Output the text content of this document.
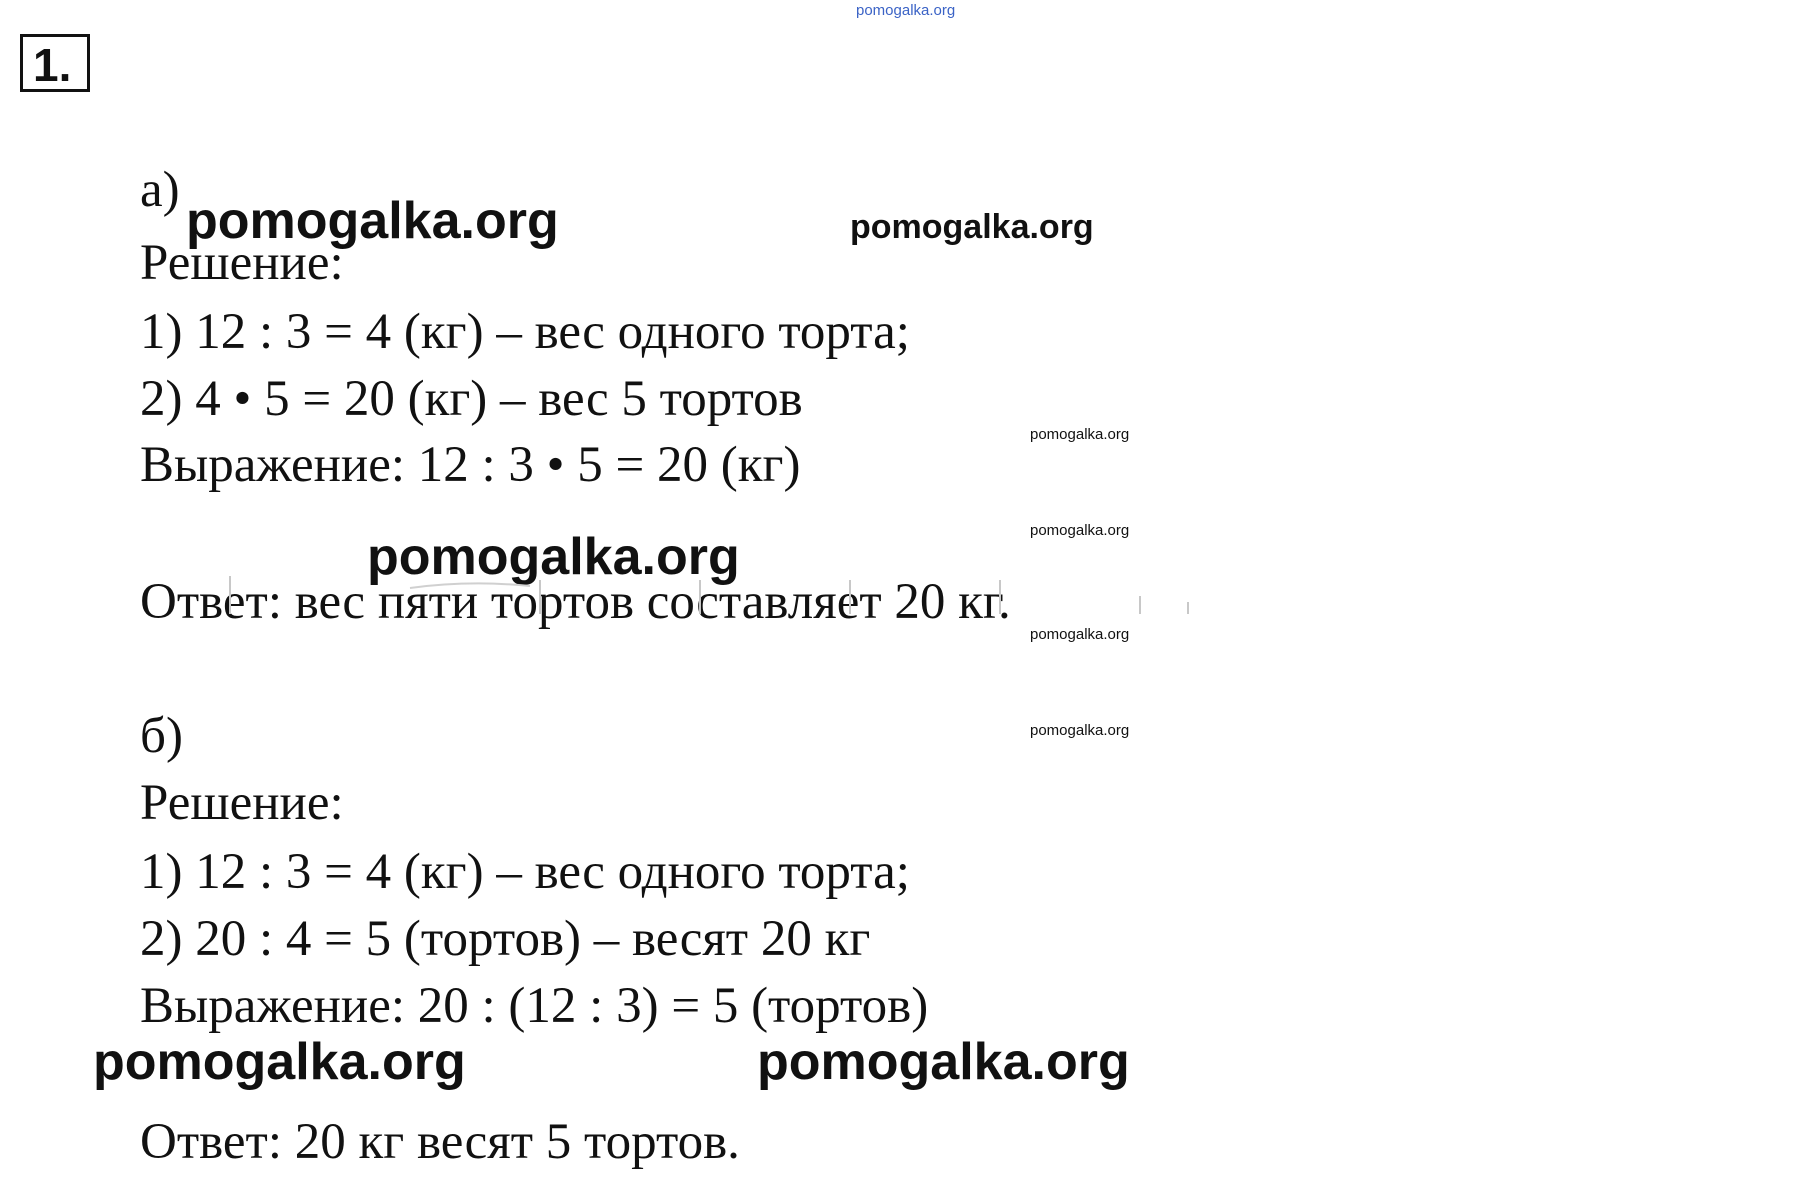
pomogalka.org
1.
а)
pomogalka.org	pomogalka.org
Решение:
1) 12 : 3 = 4 (кг) – вес одного торта;
2) 4 • 5 = 20 (кг) – вес 5 тортов
pomogalka.org
Выражение: 12 : 3 • 5 = 20 (кг)
pomogalka.org
pomogalka.org
Ответ: вес пяти тортов составляет 20 кг.
pomogalka.org
pomogalka.org
б)
Решение:
1) 12 : 3 = 4 (кг) – вес одного торта;
2) 20 : 4 = 5 (тортов) – весят 20 кг
Выражение: 20 : (12 : 3) = 5 (тортов)
pomogalka.org	pomogalka.org
Ответ: 20 кг весят 5 тортов.
